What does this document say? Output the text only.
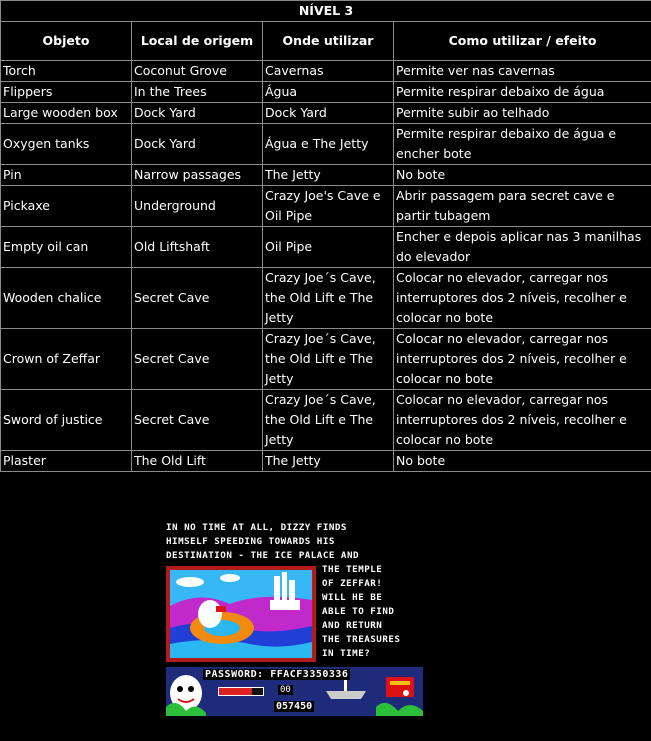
NÍVEL 3			
Objeto	Local de origem	Onde utilizar	Como utilizar / efeito
Torch	Coconut Grove	Cavernas	Permite ver nas cavernas
Flippers	In the Trees	Água	Permite respirar debaixo de água
Large wooden box	Dock Yard	Dock Yard	Permite subir ao telhado
Oxygen tanks	Dock Yard	Água e The Jetty	Permite respirar debaixo de água e encher bote
Pin	Narrow passages	The Jetty	No bote
Pickaxe	Underground	Crazy Joe's Cave e Oil Pipe	Abrir passagem para secret cave e partir tubagem
Empty oil can	Old Liftshaft	Oil Pipe	Encher e depois aplicar nas 3 manilhas do elevador
Wooden chalice	Secret Cave	Crazy Joe´s Cave, the Old Lift e The Jetty	Colocar no elevador, carregar nos interruptores dos 2 níveis, recolher e colocar no bote
Crown of Zeffar	Secret Cave	Crazy Joe´s Cave, the Old Lift e The Jetty	Colocar no elevador, carregar nos interruptores dos 2 níveis, recolher e colocar no bote
Sword of justice	Secret Cave	Crazy Joe´s Cave, the Old Lift e The Jetty	Colocar no elevador, carregar nos interruptores dos 2 níveis, recolher e colocar no bote
Plaster	The Old Lift	The Jetty	No bote
IN NO TIME AT ALL, DIZZY FINDS
HIMSELF SPEEDING TOWARDS HIS
DESTINATION - THE ICE PALACE AND
THE TEMPLE
OF ZEFFAR!
WILL HE BE
ABLE TO FIND
AND RETURN
THE TREASURES
IN TIME?
PASSWORD: FFACF3350336
00
057450
